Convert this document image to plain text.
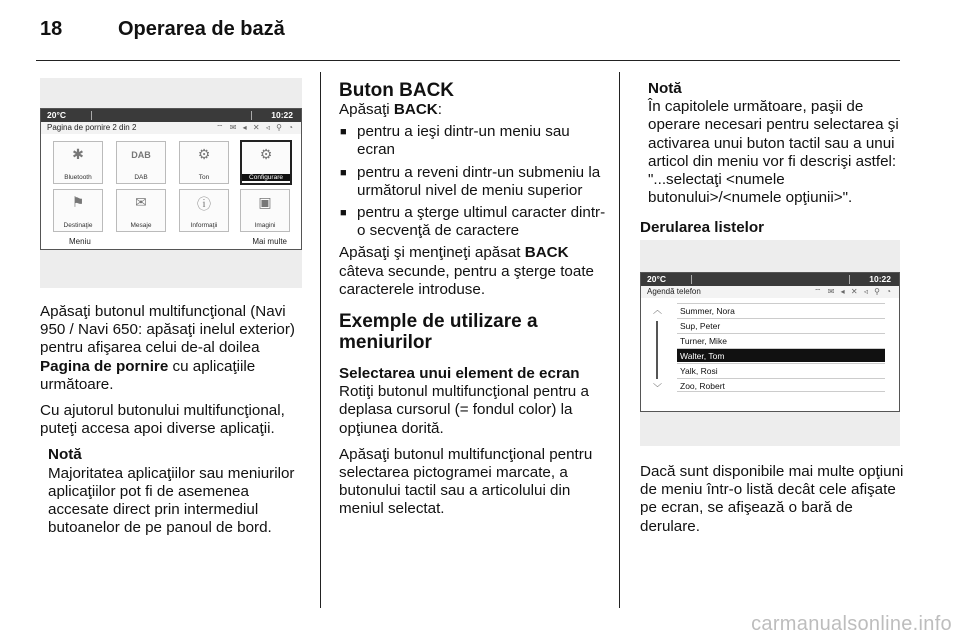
18	Operarea de bază
20°C	10:22
Pagina de pornire 2 din 2	⌔ ✉ ◂ ✕ ◃ ⚲ ◔
✱
Bluetooth
DAB
DAB
⚙
Ton
⚙
Configurare
⚑
Destinaţie
✉
Mesaje
ⓘ
Informaţii
▣
Imagini
Meniu	Mai multe

Apăsaţi butonul multifuncţional (Navi 950 / Navi 650: apăsaţi inelul exterior) pentru afişarea celui de-al doilea Pagina de pornire cu aplicaţiile următoare.

Cu ajutorul butonului multifuncţional, puteţi accesa apoi diverse aplicaţii.

Notă

Majoritatea aplicaţiilor sau meniurilor aplicaţiilor pot fi de asemenea accesate direct prin intermediul butoanelor de pe panoul de bord.

Buton BACK

Apăsaţi BACK:

■ pentru a ieşi dintr-un meniu sau ecran

■ pentru a reveni dintr-un submeniu la următorul nivel de meniu superior

■ pentru a şterge ultimul caracter dintr-o secvenţă de caractere

Apăsaţi şi menţineţi apăsat BACK câteva secunde, pentru a şterge toate caracterele introduse.

Exemple de utilizare a meniurilor

Selectarea unui element de ecran

Rotiţi butonul multifuncţional pentru a deplasa cursorul (= fondul color) la opţiunea dorită.

Apăsaţi butonul multifuncţional pentru selectarea pictogramei marcate, a butonului tactil sau a articolului din meniul selectat.

Notă

În capitolele următoare, paşii de operare necesari pentru selectarea şi activarea unui buton tactil sau a unui articol din meniu vor fi descrişi astfel: "...selectaţi <numele butonului>/<numele opţiunii>".

Derularea listelor

20°C	10:22
Agendă telefon	⌔ ✉ ◂ ✕ ◃ ⚲ ◔
︿
﹀
Summer, Nora
Sup, Peter
Turner, Mike
Walter, Tom
Yalk, Rosi
Zoo, Robert

Dacă sunt disponibile mai multe opţiuni de meniu într-o listă decât cele afişate pe ecran, se afişează o bară de derulare.

carmanualsonline.info
